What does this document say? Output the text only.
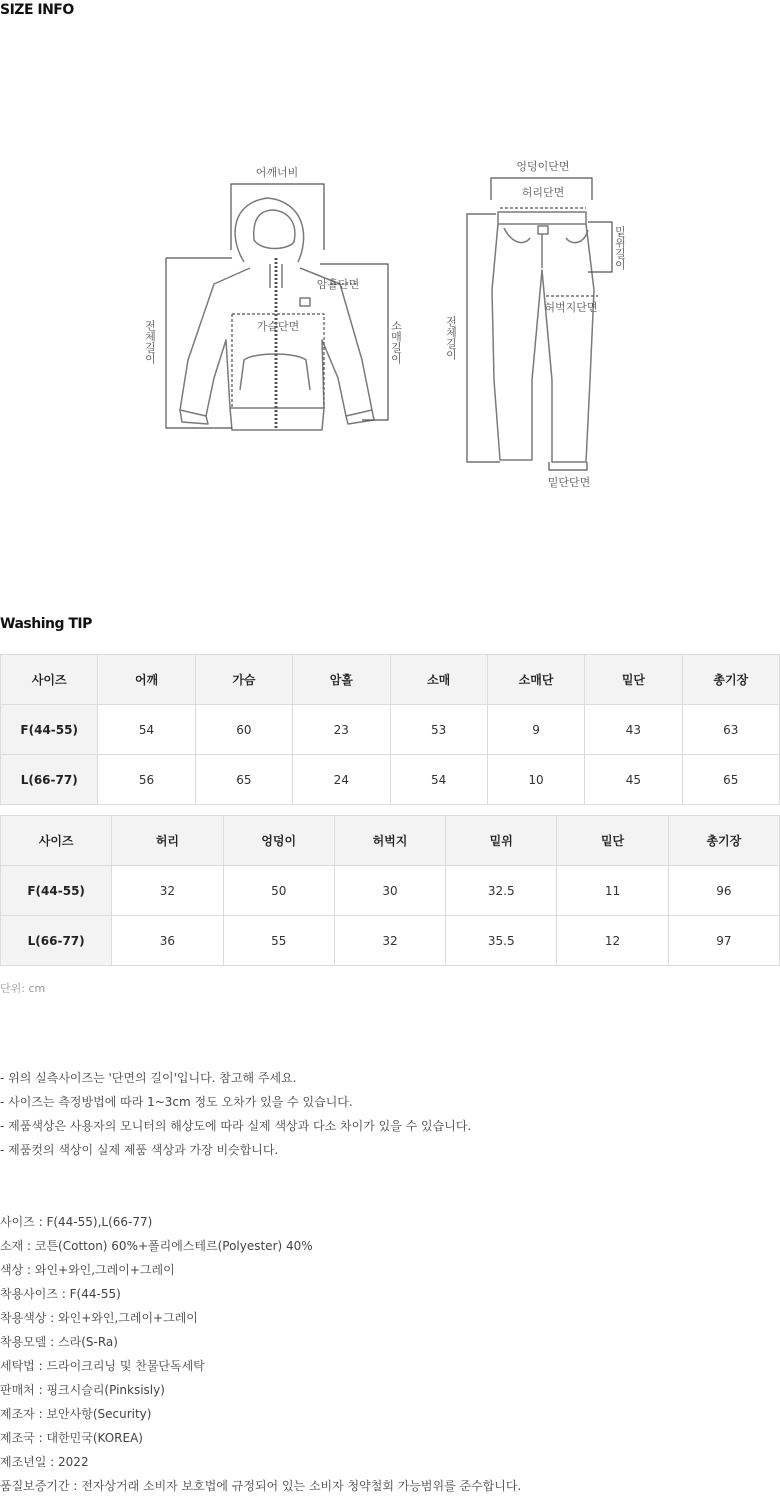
SIZE INFO
어깨너비
암홀단면
가슴단면
전체길이	소매길이
엉덩이단면
허리단면
밑위길이
허벅지단면
전체길이
밑단단면
Washing TIP
사이즈	어깨	가슴	암홀	소매	소매단	밑단	총기장
F(44-55)	54	60	23	53	9	43	63
L(66-77)	56	65	24	54	10	45	65
사이즈	허리	엉덩이	허벅지	밑위	밑단	총기장
F(44-55)	32	50	30	32.5	11	96
L(66-77)	36	55	32	35.5	12	97
단위: cm
- 위의 실측사이즈는 '단면의 길이'입니다. 참고해 주세요.
- 사이즈는 측정방법에 따라 1~3cm 정도 오차가 있을 수 있습니다.
- 제품색상은 사용자의 모니터의 해상도에 따라 실제 색상과 다소 차이가 있을 수 있습니다.
- 제품컷의 색상이 실제 제품 색상과 가장 비슷합니다.
사이즈 : F(44-55),L(66-77)
소재 : 코튼(Cotton) 60%+폴리에스테르(Polyester) 40%
색상 : 와인+와인,그레이+그레이
착용사이즈 : F(44-55)
착용색상 : 와인+와인,그레이+그레이
착용모델 : 스라(S-Ra)
세탁법 : 드라이크리닝 및 찬물단독세탁
판매처 : 핑크시슬리(Pinksisly)
제조자 : 보안사항(Security)
제조국 : 대한민국(KOREA)
제조년일 : 2022
품질보증기간 : 전자상거래 소비자 보호법에 규정되어 있는 소비자 청약철회 가능범위를 준수합니다.
